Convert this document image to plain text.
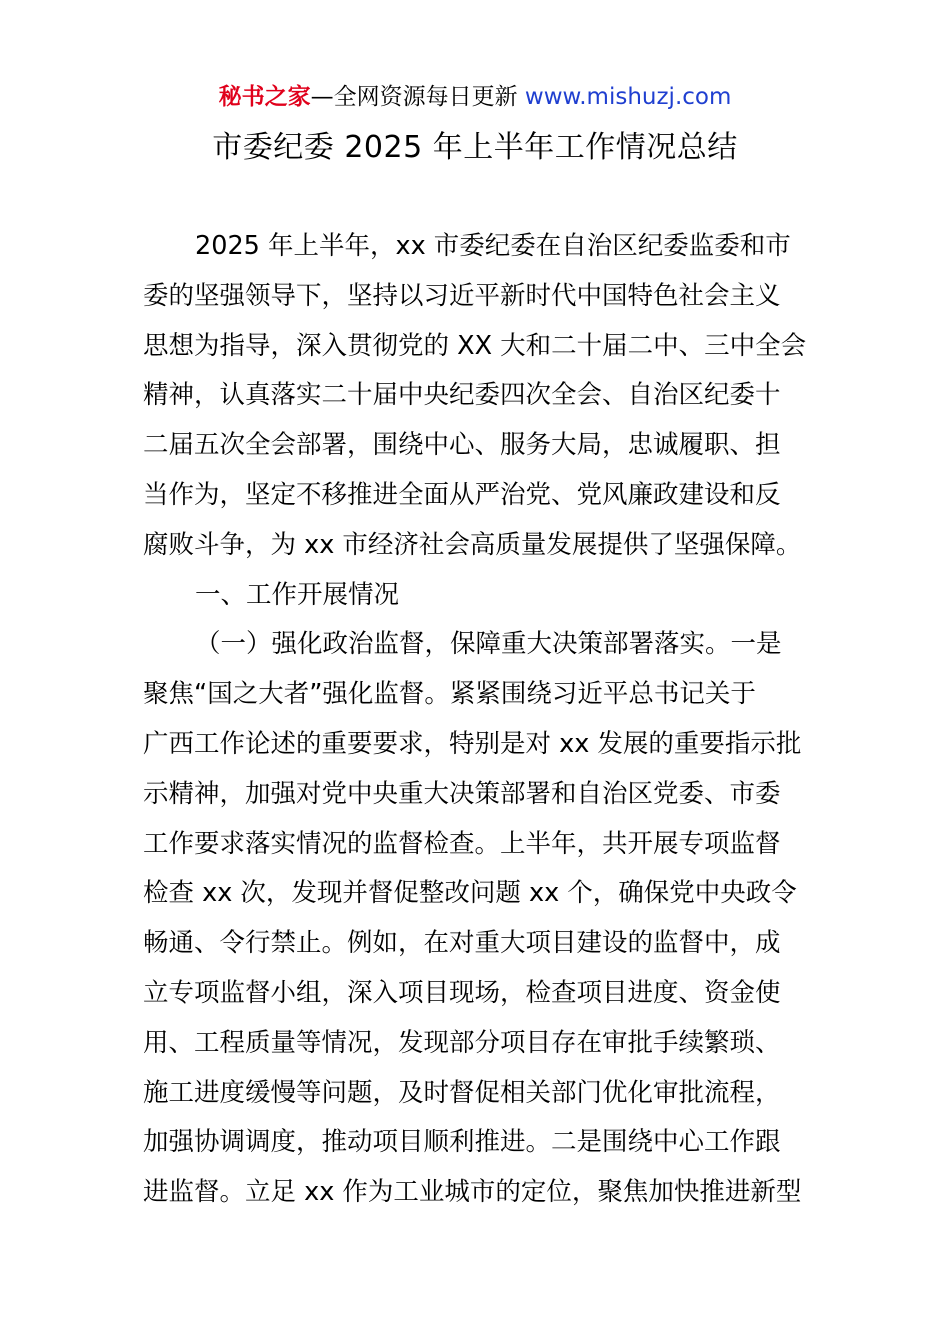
秘书之家—全网资源每日更新 www.mishuzj.com
市委纪委 2025 年上半年工作情况总结
2025 年上半年，xx 市委纪委在自治区纪委监委和市
委的坚强领导下，坚持以习近平新时代中国特色社会主义
思想为指导，深入贯彻党的 XX 大和二十届二中、三中全会
精神，认真落实二十届中央纪委四次全会、自治区纪委十
二届五次全会部署，围绕中心、服务大局，忠诚履职、担
当作为，坚定不移推进全面从严治党、党风廉政建设和反
腐败斗争，为 xx 市经济社会高质量发展提供了坚强保障。
一、工作开展情况
（一）强化政治监督，保障重大决策部署落实。一是
聚焦“国之大者”强化监督。紧紧围绕习近平总书记关于
广西工作论述的重要要求，特别是对 xx 发展的重要指示批
示精神，加强对党中央重大决策部署和自治区党委、市委
工作要求落实情况的监督检查。上半年，共开展专项监督
检查 xx 次，发现并督促整改问题 xx 个，确保党中央政令
畅通、令行禁止。例如，在对重大项目建设的监督中，成
立专项监督小组，深入项目现场，检查项目进度、资金使
用、工程质量等情况，发现部分项目存在审批手续繁琐、
施工进度缓慢等问题，及时督促相关部门优化审批流程，
加强协调调度，推动项目顺利推进。二是围绕中心工作跟
进监督。立足 xx 作为工业城市的定位，聚焦加快推进新型
